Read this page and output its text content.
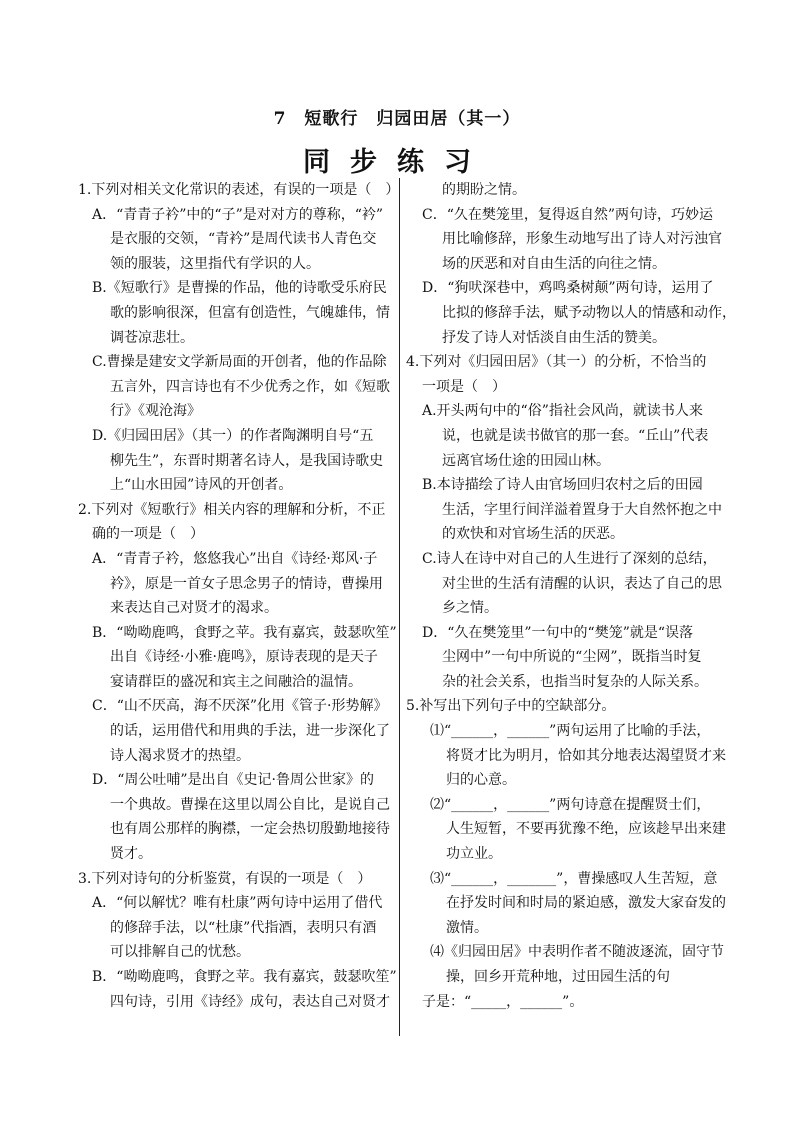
7　短歌行　归园田居（其一）
同步练习
1.下列对相关文化常识的表述，有误的一项是（　）
A．“青青子衿”中的“子”是对对方的尊称，“衿”
是衣服的交领，“青衿”是周代读书人青色交
领的服装，这里指代有学识的人。
B.《短歌行》是曹操的作品，他的诗歌受乐府民
歌的影响很深，但富有创造性，气魄雄伟，情
调苍凉悲壮。
C.曹操是建安文学新局面的开创者，他的作品除
五言外，四言诗也有不少优秀之作，如《短歌
行》《观沧海》
D.《归园田居》（其一）的作者陶渊明自号“五
柳先生”，东晋时期著名诗人，是我国诗歌史
上“山水田园”诗风的开创者。
2.下列对《短歌行》相关内容的理解和分析，不正
确的一项是（　）
A．“青青子衿，悠悠我心”出自《诗经·郑风·子
衿》，原是一首女子思念男子的情诗，曹操用
来表达自己对贤才的渴求。
B．“呦呦鹿鸣，食野之苹。我有嘉宾，鼓瑟吹笙”
出自《诗经·小雅·鹿鸣》，原诗表现的是天子
宴请群臣的盛况和宾主之间融洽的温情。
C．“山不厌高，海不厌深”化用《管子·形势解》
的话，运用借代和用典的手法，进一步深化了
诗人渴求贤才的热望。
D．“周公吐哺”是出自《史记·鲁周公世家》的
一个典故。曹操在这里以周公自比，是说自己
也有周公那样的胸襟，一定会热切殷勤地接待
贤才。
3.下列对诗句的分析鉴赏，有误的一项是（　）
A．“何以解忧？唯有杜康”两句诗中运用了借代
的修辞手法，以“杜康”代指酒，表明只有酒
可以排解自己的忧愁。
B．“呦呦鹿鸣，食野之苹。我有嘉宾，鼓瑟吹笙”
四句诗，引用《诗经》成句，表达自己对贤才
的期盼之情。
C．“久在樊笼里，复得返自然”两句诗，巧妙运
用比喻修辞，形象生动地写出了诗人对污浊官
场的厌恶和对自由生活的向往之情。
D．“狗吠深巷中，鸡鸣桑树颠”两句诗，运用了
比拟的修辞手法，赋予动物以人的情感和动作，
抒发了诗人对恬淡自由生活的赞美。
4.下列对《归园田居》（其一）的分析，不恰当的
一项是（　）
A.开头两句中的“俗”指社会风尚，就读书人来
说，也就是读书做官的那一套。“丘山”代表
远离官场仕途的田园山林。
B.本诗描绘了诗人由官场回归农村之后的田园
生活，字里行间洋溢着置身于大自然怀抱之中
的欢快和对官场生活的厌恶。
C.诗人在诗中对自己的人生进行了深刻的总结，
对尘世的生活有清醒的认识，表达了自己的思
乡之情。
D．“久在樊笼里”一句中的“樊笼”就是“误落
尘网中”一句中所说的“尘网”，既指当时复
杂的社会关系，也指当时复杂的人际关系。
5.补写出下列句子中的空缺部分。
⑴“______，______”两句运用了比喻的手法，
将贤才比为明月，恰如其分地表达渴望贤才来
归的心意。
⑵“______，______”两句诗意在提醒贤士们，
人生短暂，不要再犹豫不绝，应该趁早出来建
功立业。
⑶“______，_______”，曹操感叹人生苦短，意
在抒发时间和时局的紧迫感，激发大家奋发的
激情。
⑷《归园田居》中表明作者不随波逐流，固守节
操，回乡开荒种地，过田园生活的句
子是：“_____，______”。
